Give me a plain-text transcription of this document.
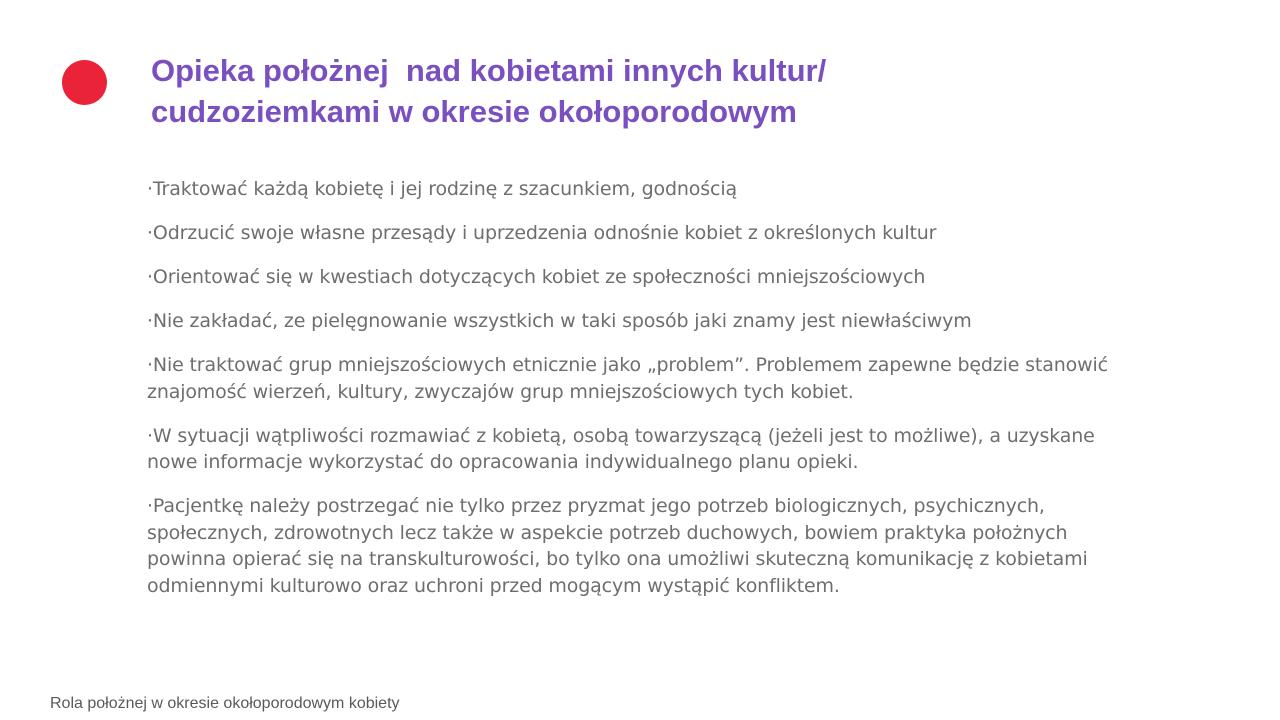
Opieka położnej  nad kobietami innych kultur/
cudzoziemkami w okresie okołoporodowym
·Traktować każdą kobietę i jej rodzinę z szacunkiem, godnością
·Odrzucić swoje własne przesądy i uprzedzenia odnośnie kobiet z określonych kultur
·Orientować się w kwestiach dotyczących kobiet ze społeczności mniejszościowych
·Nie zakładać, ze pielęgnowanie wszystkich w taki sposób jaki znamy jest niewłaściwym
·Nie traktować grup mniejszościowych etnicznie jako „problem”. Problemem zapewne będzie stanowić
znajomość wierzeń, kultury, zwyczajów grup mniejszościowych tych kobiet.
·W sytuacji wątpliwości rozmawiać z kobietą, osobą towarzyszącą (jeżeli jest to możliwe), a uzyskane
nowe informacje wykorzystać do opracowania indywidualnego planu opieki.
·Pacjentkę należy postrzegać nie tylko przez pryzmat jego potrzeb biologicznych, psychicznych,
społecznych, zdrowotnych lecz także w aspekcie potrzeb duchowych, bowiem praktyka położnych
powinna opierać się na transkulturowości, bo tylko ona umożliwi skuteczną komunikację z kobietami
odmiennymi kulturowo oraz uchroni przed mogącym wystąpić konfliktem.

Rola położnej w okresie okołoporodowym kobiety
